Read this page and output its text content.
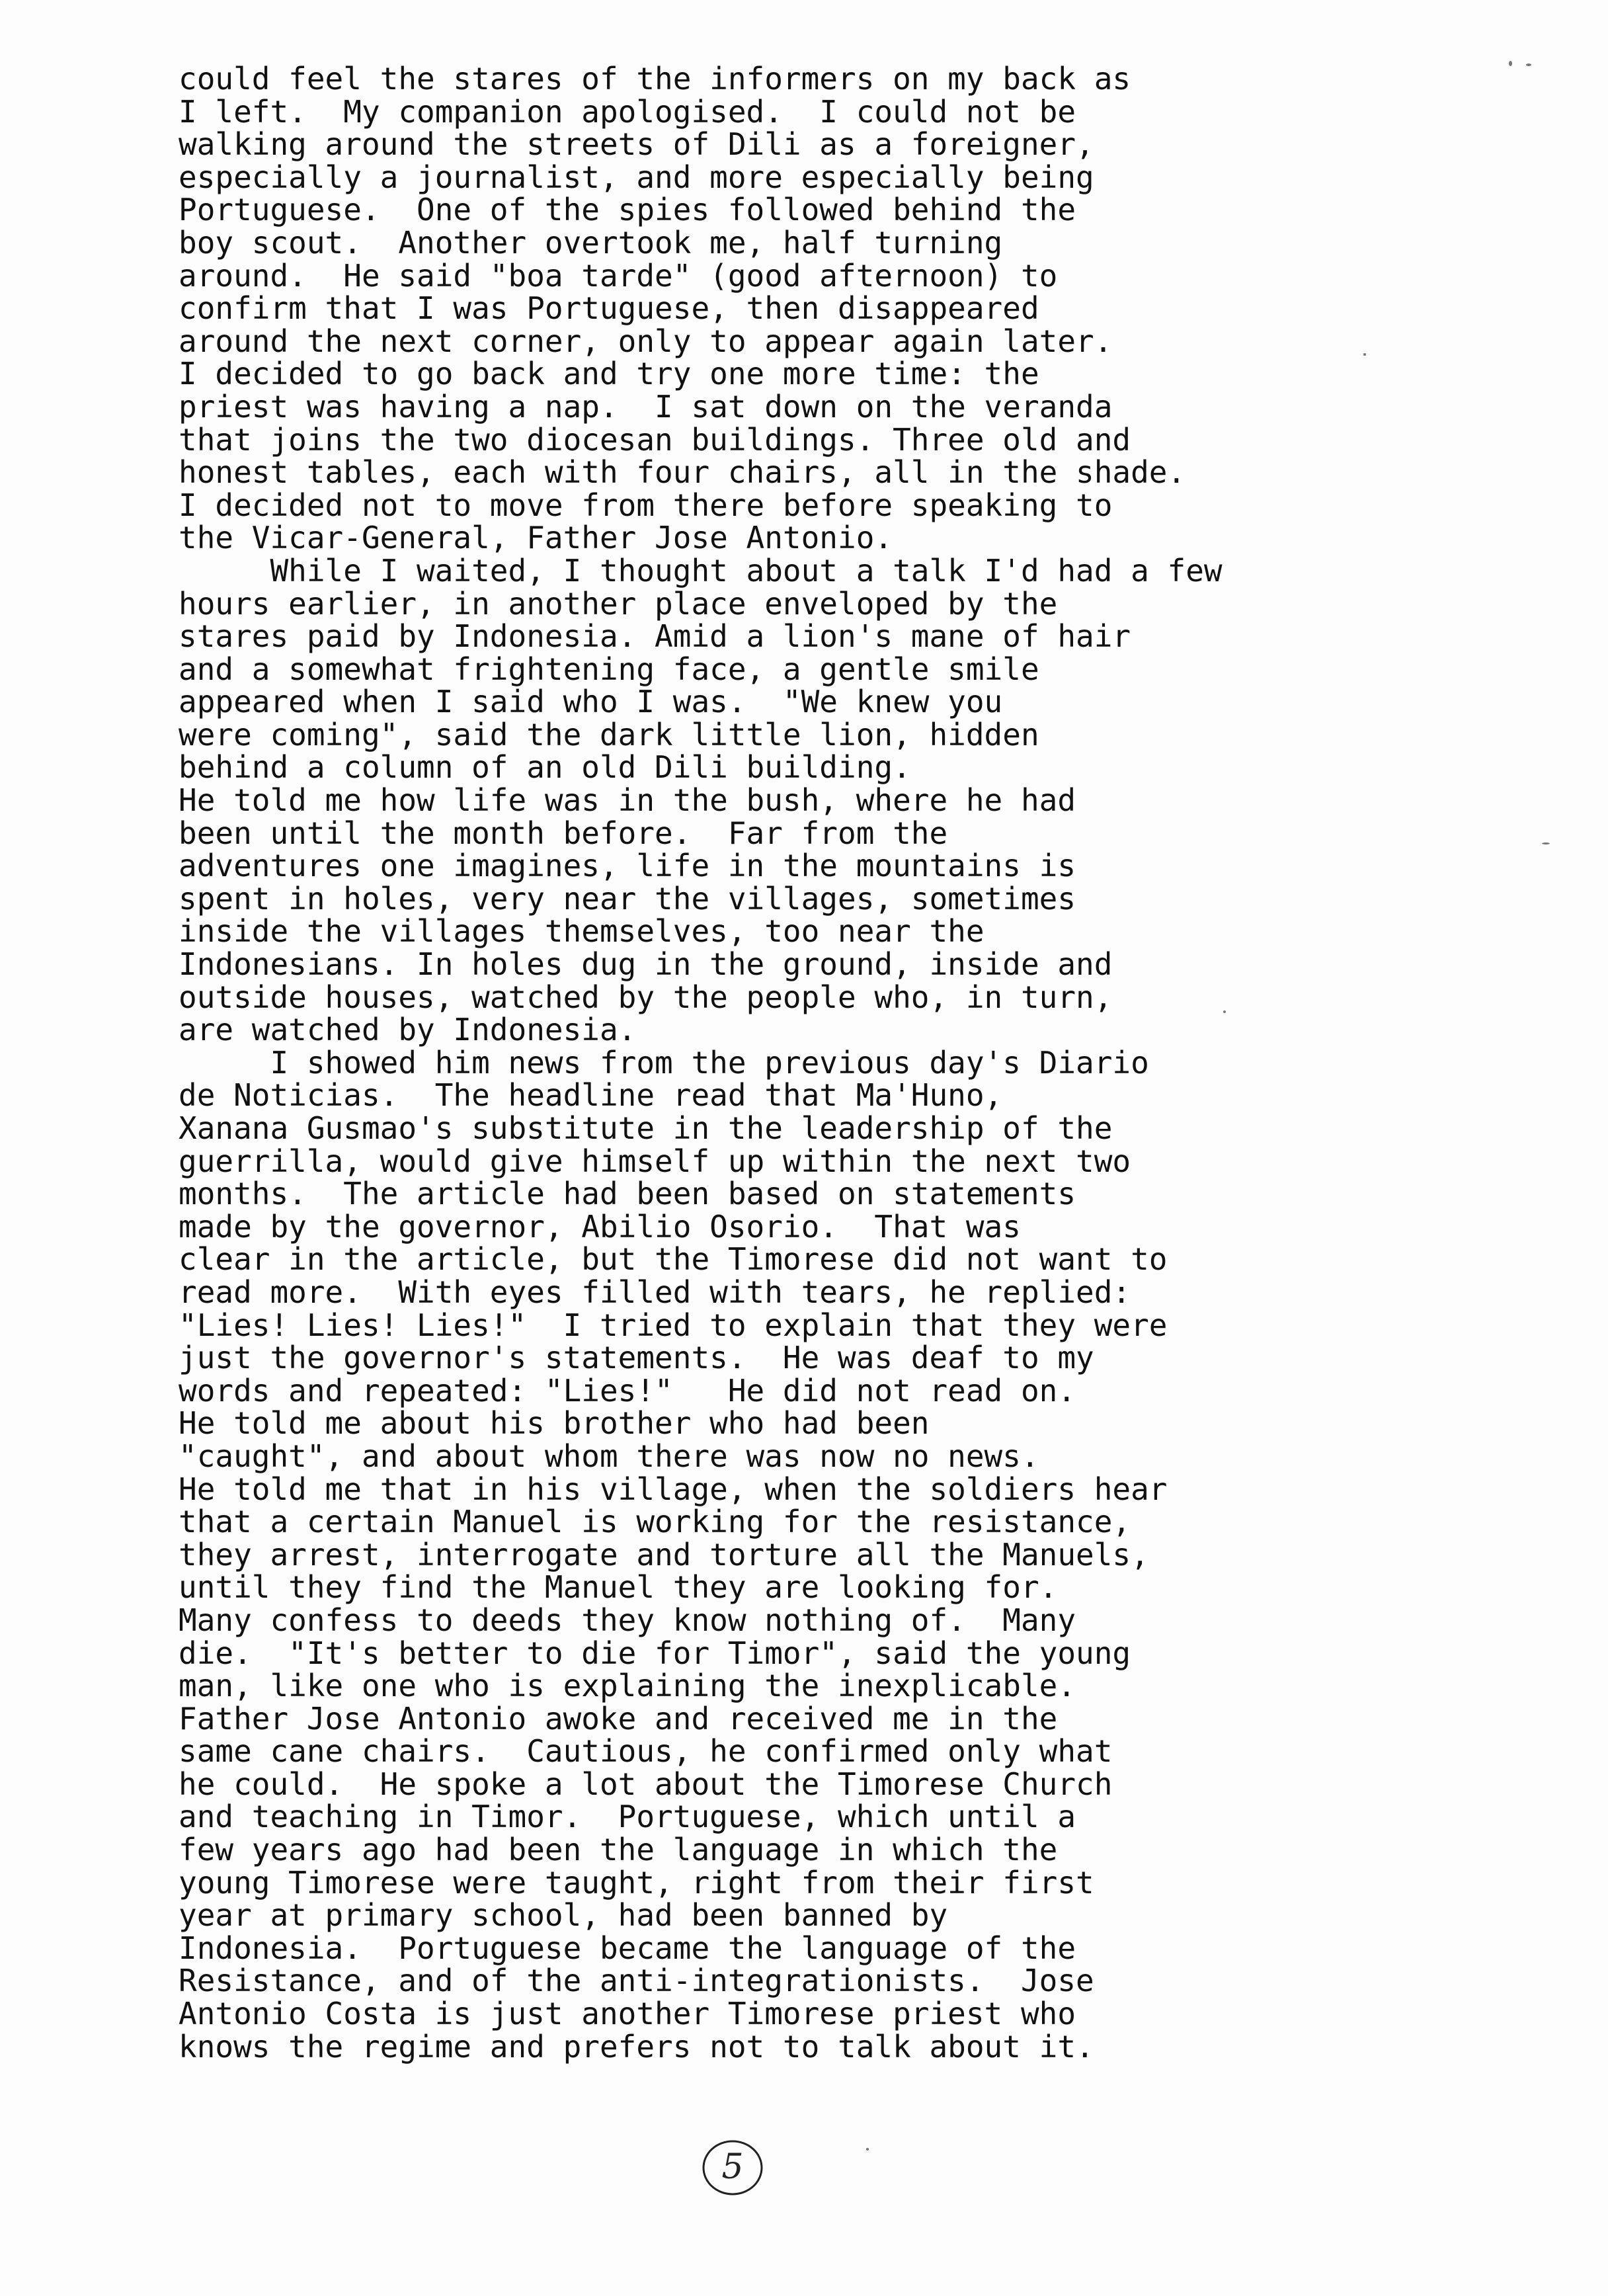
could feel the stares of the informers on my back as
I left.  My companion apologised.  I could not be
walking around the streets of Dili as a foreigner,
especially a journalist, and more especially being
Portuguese.  One of the spies followed behind the
boy scout.  Another overtook me, half turning
around.  He said "boa tarde" (good afternoon) to
confirm that I was Portuguese, then disappeared
around the next corner, only to appear again later.
I decided to go back and try one more time: the
priest was having a nap.  I sat down on the veranda
that joins the two diocesan buildings. Three old and
honest tables, each with four chairs, all in the shade.
I decided not to move from there before speaking to
the Vicar-General, Father Jose Antonio.
While I waited, I thought about a talk I'd had a few
hours earlier, in another place enveloped by the
stares paid by Indonesia. Amid a lion's mane of hair
and a somewhat frightening face, a gentle smile
appeared when I said who I was.  "We knew you
were coming", said the dark little lion, hidden
behind a column of an old Dili building.
He told me how life was in the bush, where he had
been until the month before.  Far from the
adventures one imagines, life in the mountains is
spent in holes, very near the villages, sometimes
inside the villages themselves, too near the
Indonesians. In holes dug in the ground, inside and
outside houses, watched by the people who, in turn,
are watched by Indonesia.
I showed him news from the previous day's Diario
de Noticias.  The headline read that Ma'Huno,
Xanana Gusmao's substitute in the leadership of the
guerrilla, would give himself up within the next two
months.  The article had been based on statements
made by the governor, Abilio Osorio.  That was
clear in the article, but the Timorese did not want to
read more.  With eyes filled with tears, he replied:
"Lies! Lies! Lies!"  I tried to explain that they were
just the governor's statements.  He was deaf to my
words and repeated: "Lies!"   He did not read on.
He told me about his brother who had been
"caught", and about whom there was now no news.
He told me that in his village, when the soldiers hear
that a certain Manuel is working for the resistance,
they arrest, interrogate and torture all the Manuels,
until they find the Manuel they are looking for.
Many confess to deeds they know nothing of.  Many
die.  "It's better to die for Timor", said the young
man, like one who is explaining the inexplicable.
Father Jose Antonio awoke and received me in the
same cane chairs.  Cautious, he confirmed only what
he could.  He spoke a lot about the Timorese Church
and teaching in Timor.  Portuguese, which until a
few years ago had been the language in which the
young Timorese were taught, right from their first
year at primary school, had been banned by
Indonesia.  Portuguese became the language of the
Resistance, and of the anti-integrationists.  Jose
Antonio Costa is just another Timorese priest who
knows the regime and prefers not to talk about it.
5
